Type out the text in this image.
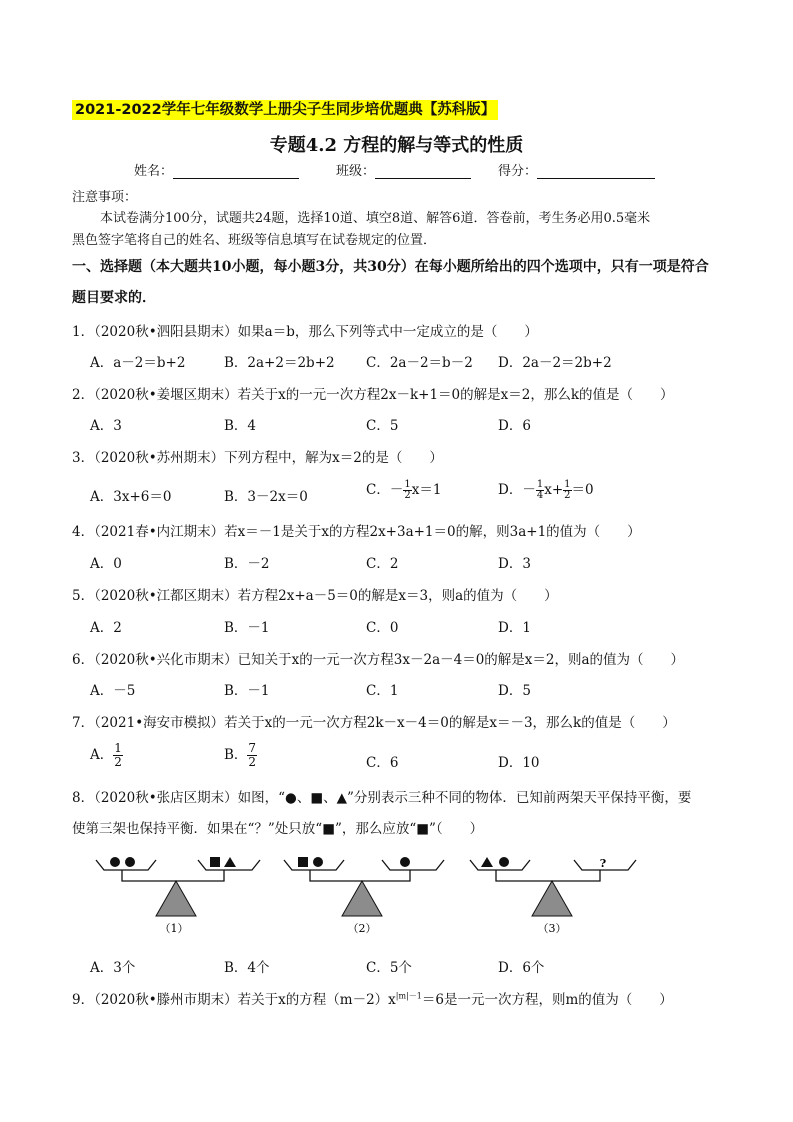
2021-2022学年七年级数学上册尖子生同步培优题典【苏科版】
专题4.2 方程的解与等式的性质
姓名：	班级：	得分：
注意事项：
本试卷满分100分，试题共24题，选择10道、填空8道、解答6道．答卷前，考生务必用0.5毫米
黑色签字笔将自己的姓名、班级等信息填写在试卷规定的位置．
一、选择题（本大题共10小题，每小题3分，共30分）在每小题所给出的四个选项中，只有一项是符合
题目要求的．
1．（2020秋•泗阳县期末）如果a＝b，那么下列等式中一定成立的是（　　）
A．a－2＝b+2	B．2a+2＝2b+2 C．2a－2＝b－2 D．2a－2＝2b+2
2．（2020秋•姜堰区期末）若关于x的一元一次方程2x－k+1＝0的解是x＝2，那么k的值是（　　）
A．3	B．4	C．5	D．6
3．（2020秋•苏州期末）下列方程中，解为x＝2的是（　　）
A．3x+6＝0	B．3－2x＝0	C．－ $\frac{1}{2} x=1$	D．－ $\frac{1}{4} x+ \frac{1}{2} =0$
4．（2021春•内江期末）若x＝－1是关于x的方程2x+3a+1＝0的解，则3a+1的值为（　　）
A．0	B．－2	C．2	D．3
5．（2020秋•江都区期末）若方程2x+a－5＝0的解是x＝3，则a的值为（　　）
A．2	B．－1	C．0	D．1
6．（2020秋•兴化市期末）已知关于x的一元一次方程3x－2a－4＝0的解是x＝2，则a的值为（　　）
A．－5	B．－1	C．1	D．5
7．（2021•海安市模拟）若关于x的一元一次方程2k－x－4＝0的解是x＝－3，那么k的值是（　　）
A． $\frac{1}{2}$	B． $\frac{7}{2}$	C．6	D．10
8．（2020秋•张店区期末）如图，“●、■、▲”分别表示三种不同的物体．已知前两架天平保持平衡，要
使第三架也保持平衡．如果在“？”处只放“■”，那么应放“■”（　　）
（1）	（2）
?
（3）
A．3个	B．4个	C．5个	D．6个
9．（2020秋•滕州市期末）若关于x的方程$(m-2)x^{|m|-1}=6$是一元一次方程，则m的值为（　　）
